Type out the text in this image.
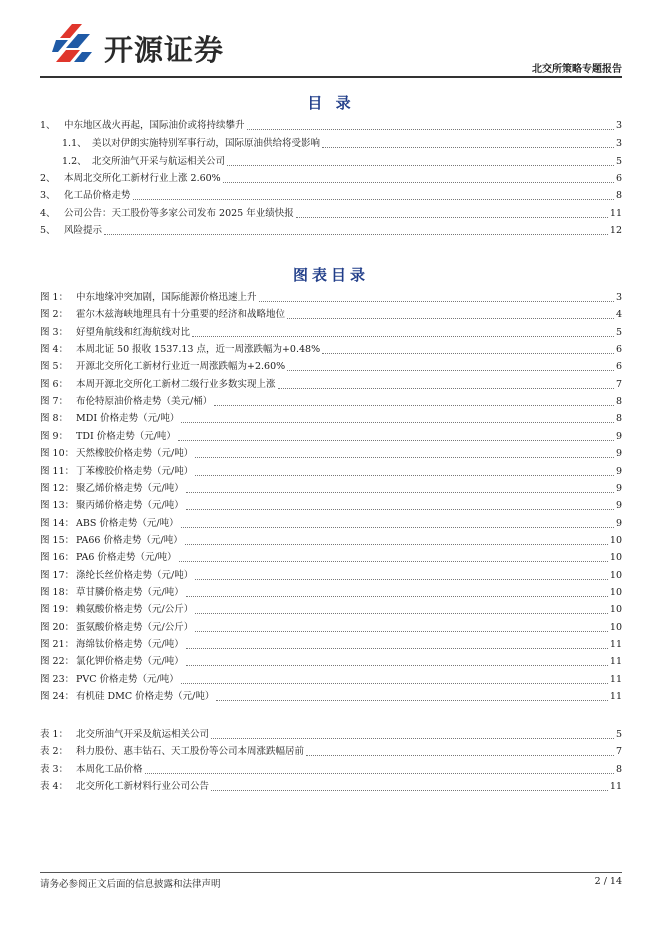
开源证券
北交所策略专题报告
目 录
1、 中东地区战火再起，国际油价或将持续攀升	3
1.1、 美以对伊朗实施特别军事行动，国际原油供给将受影响	3
1.2、 北交所油气开采与航运相关公司	5
2、 本周北交所化工新材行业上涨 2.60%	6
3、 化工品价格走势	8
4、 公司公告：天工股份等多家公司发布 2025 年业绩快报	11
5、 风险提示	12
图表目录
图 1： 中东地缘冲突加剧，国际能源价格迅速上升	3
图 2： 霍尔木兹海峡地理具有十分重要的经济和战略地位	4
图 3： 好望角航线和红海航线对比	5
图 4： 本周北证 50 报收 1537.13 点，近一周涨跌幅为+0.48%	6
图 5： 开源北交所化工新材行业近一周涨跌幅为+2.60%	6
图 6： 本周开源北交所化工新材二级行业多数实现上涨	7
图 7： 布伦特原油价格走势（美元/桶）	8
图 8： MDI 价格走势（元/吨）	8
图 9： TDI 价格走势（元/吨）	9
图 10： 天然橡胶价格走势（元/吨）	9
图 11： 丁苯橡胶价格走势（元/吨）	9
图 12： 聚乙烯价格走势（元/吨）	9
图 13： 聚丙烯价格走势（元/吨）	9
图 14： ABS 价格走势（元/吨）	9
图 15： PA66 价格走势（元/吨）	10
图 16： PA6 价格走势（元/吨）	10
图 17： 涤纶长丝价格走势（元/吨）	10
图 18： 草甘膦价格走势（元/吨）	10
图 19： 赖氨酸价格走势（元/公斤）	10
图 20： 蛋氨酸价格走势（元/公斤）	10
图 21： 海绵钛价格走势（元/吨）	11
图 22： 氯化钾价格走势（元/吨）	11
图 23： PVC 价格走势（元/吨）	11
图 24： 有机硅 DMC 价格走势（元/吨）	11
表 1： 北交所油气开采及航运相关公司	5
表 2： 科力股份、惠丰钻石、天工股份等公司本周涨跌幅居前	7
表 3： 本周化工品价格	8
表 4： 北交所化工新材料行业公司公告	11
请务必参阅正文后面的信息披露和法律声明	2 / 14
